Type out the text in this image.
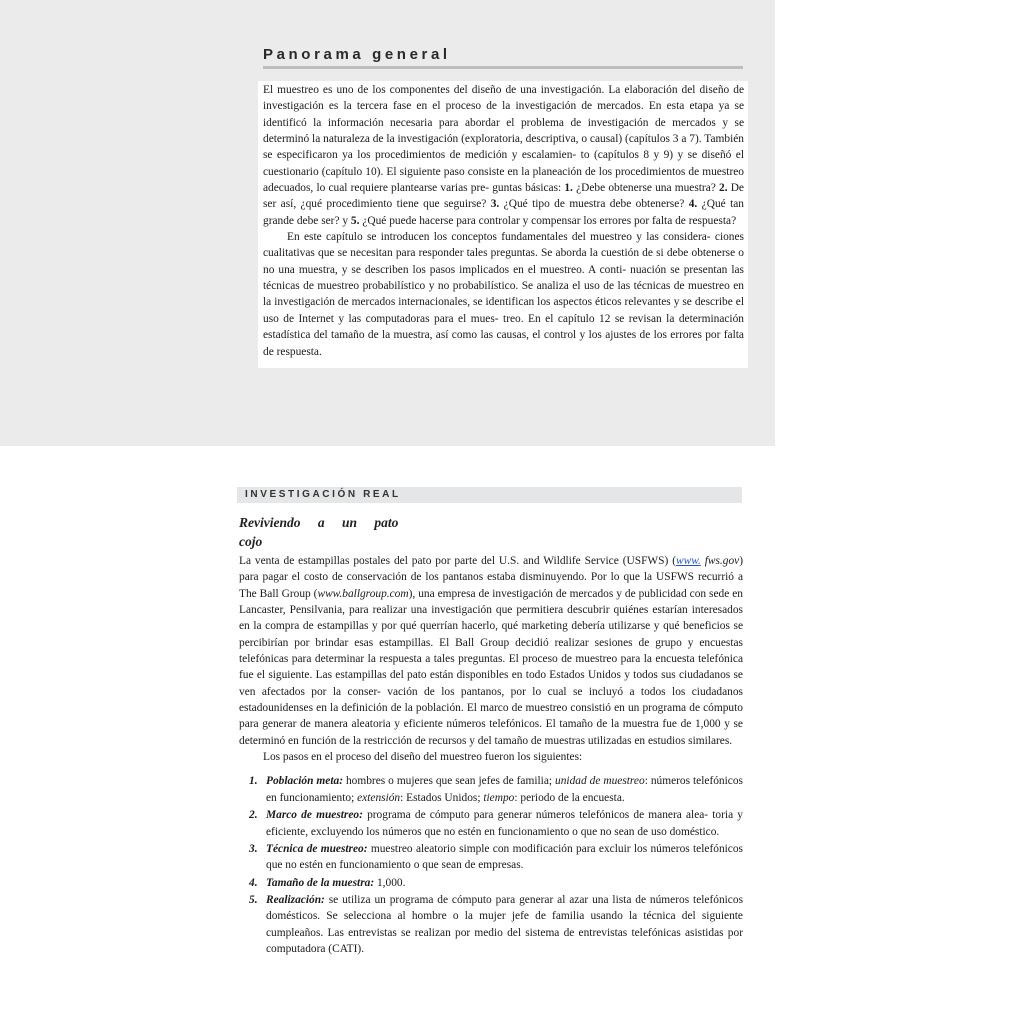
Panorama general

El muestreo es uno de los componentes del diseño de una investigación. La elaboración del diseño de investigación es la tercera fase en el proceso de la investigación de mercados. En esta etapa ya se identificó la información necesaria para abordar el problema de investigación de mercados y se determinó la naturaleza de la investigación (exploratoria, descriptiva, o causal) (capítulos 3 a 7). También se especificaron ya los procedimientos de medición y escalamien- to (capítulos 8 y 9) y se diseñó el cuestionario (capítulo 10). El siguiente paso consiste en la planeación de los procedimientos de muestreo adecuados, lo cual requiere plantearse varias pre- guntas básicas: 1. ¿Debe obtenerse una muestra? 2. De ser así, ¿qué procedimiento tiene que seguirse? 3. ¿Qué tipo de muestra debe obtenerse? 4. ¿Qué tan grande debe ser? y 5. ¿Qué puede hacerse para controlar y compensar los errores por falta de respuesta?

En este capítulo se introducen los conceptos fundamentales del muestreo y las considera- ciones cualitativas que se necesitan para responder tales preguntas. Se aborda la cuestión de si debe obtenerse o no una muestra, y se describen los pasos implicados en el muestreo. A conti- nuación se presentan las técnicas de muestreo probabilístico y no probabilístico. Se analiza el uso de las técnicas de muestreo en la investigación de mercados internacionales, se identifican los aspectos éticos relevantes y se describe el uso de Internet y las computadoras para el mues- treo. En el capítulo 12 se revisan la determinación estadística del tamaño de la muestra, así como las causas, el control y los ajustes de los errores por falta de respuesta.

INVESTIGACIÓN REAL
Reviviendo a un pato cojo

La venta de estampillas postales del pato por parte del U.S. and Wildlife Service (USFWS) (www. fws.gov) para pagar el costo de conservación de los pantanos estaba disminuyendo. Por lo que la USFWS recurrió a The Ball Group (www.ballgroup.com), una empresa de investigación de mercados y de publicidad con sede en Lancaster, Pensilvania, para realizar una investigación que permitiera descubrir quiénes estarían interesados en la compra de estampillas y por qué querrían hacerlo, qué marketing debería utilizarse y qué beneficios se percibirían por brindar esas estampillas. El Ball Group decidió realizar sesiones de grupo y encuestas telefónicas para determinar la respuesta a tales preguntas. El proceso de muestreo para la encuesta telefónica fue el siguiente. Las estampillas del pato están disponibles en todo Estados Unidos y todos sus ciudadanos se ven afectados por la conser- vación de los pantanos, por lo cual se incluyó a todos los ciudadanos estadounidenses en la definición de la población. El marco de muestreo consistió en un programa de cómputo para generar de manera aleatoria y eficiente números telefónicos. El tamaño de la muestra fue de 1,000 y se determinó en función de la restricción de recursos y del tamaño de muestras utilizadas en estudios similares.

Los pasos en el proceso del diseño del muestreo fueron los siguientes:

1. Población meta: hombres o mujeres que sean jefes de familia; unidad de muestreo: números telefónicos en funcionamiento; extensión: Estados Unidos; tiempo: periodo de la encuesta.
2. Marco de muestreo: programa de cómputo para generar números telefónicos de manera alea- toria y eficiente, excluyendo los números que no estén en funcionamiento o que no sean de uso doméstico.
3. Técnica de muestreo: muestreo aleatorio simple con modificación para excluir los números telefónicos que no estén en funcionamiento o que sean de empresas.
4. Tamaño de la muestra: 1,000.
5. Realización: se utiliza un programa de cómputo para generar al azar una lista de números telefónicos domésticos. Se selecciona al hombre o la mujer jefe de familia usando la técnica del siguiente cumpleaños. Las entrevistas se realizan por medio del sistema de entrevistas telefónicas asistidas por computadora (CATI).
